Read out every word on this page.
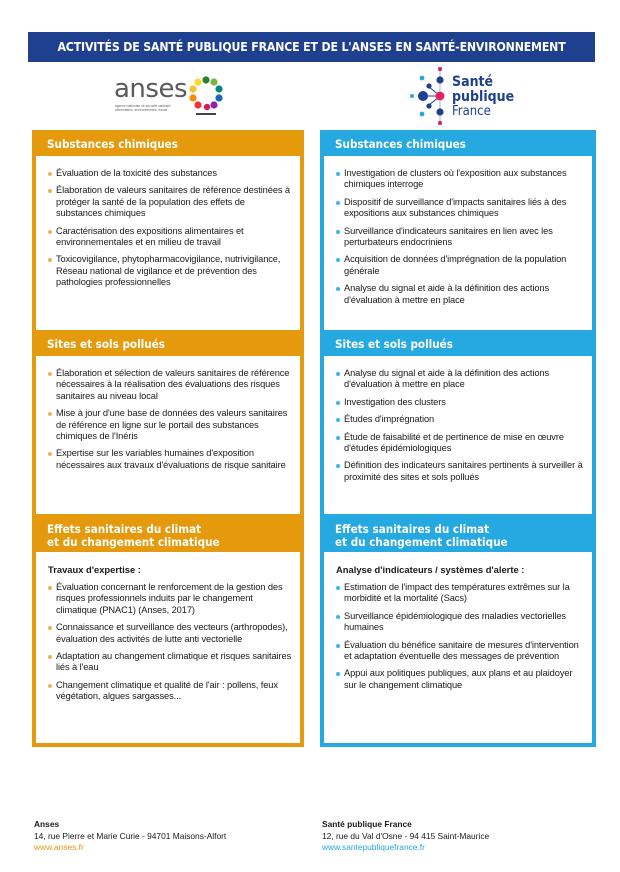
ACTIVITÉS DE SANTÉ PUBLIQUE FRANCE ET DE L'ANSES EN SANTÉ-ENVIRONNEMENT
anses
agence nationale de sécurité sanitaire alimentation, environnement, travail
Santé
publique
France
Substances chimiques
Évaluation de la toxicité des substances
Élaboration de valeurs sanitaires de référence destinées à protéger la santé de la population des effets de substances chimiques
Caractérisation des expositions alimentaires et environnementales et en milieu de travail
Toxicovigilance, phytopharmacovigilance, nutrivigilance, Réseau national de vigilance et de prévention des pathologies professionnelles
Sites et sols pollués
Élaboration et sélection de valeurs sanitaires de référence nécessaires à la réalisation des évaluations des risques sanitaires au niveau local
Mise à jour d'une base de données des valeurs sanitaires de référence en ligne sur le portail des substances chimiques de l'Inéris
Expertise sur les variables humaines d'exposition nécessaires aux travaux d'évaluations de risque sanitaire
Effets sanitaires du climat
et du changement climatique
Travaux d'expertise :
Évaluation concernant le renforcement de la gestion des risques professionnels induits par le changement climatique (PNAC1) (Anses, 2017)
Connaissance et surveillance des vecteurs (arthropodes), évaluation des activités de lutte anti vectorielle
Adaptation au changement climatique et risques sanitaires liés à l'eau
Changement climatique et qualité de l'air : pollens, feux végétation, algues sargasses...
Substances chimiques
Investigation de clusters où l'exposition aux substances chimiques interroge
Dispositif de surveillance d'impacts sanitaires liés à des expositions aux substances chimiques
Surveillance d'indicateurs sanitaires en lien avec les perturbateurs endocriniens
Acquisition de données d'imprégnation de la population générale
Analyse du signal et aide à la définition des actions d'évaluation à mettre en place
Sites et sols pollués
Analyse du signal et aide à la définition des actions d'évaluation à mettre en place
Investigation des clusters
Études d'imprégnation
Étude de faisabilité et de pertinence de mise en œuvre d'études épidémiologiques
Définition des indicateurs sanitaires pertinents à surveiller à proximité des sites et sols pollués
Effets sanitaires du climat
et du changement climatique
Analyse d'indicateurs / systèmes d'alerte :
Estimation de l'impact des températures extrêmes sur la morbidité et la mortalité (Sacs)
Surveillance épidémiologique des maladies vectorielles humaines
Évaluation du bénéfice sanitaire de mesures d'intervention et adaptation éventuelle des messages de prévention
Appui aux politiques publiques, aux plans et au plaidoyer sur le changement climatique
Anses
14, rue Pierre et Marie Curie - 94701 Maisons-Alfort
www.anses.fr
Santé publique France
12, rue du Val d'Osne - 94 415 Saint-Maurice
www.santepubliquefrance.fr
